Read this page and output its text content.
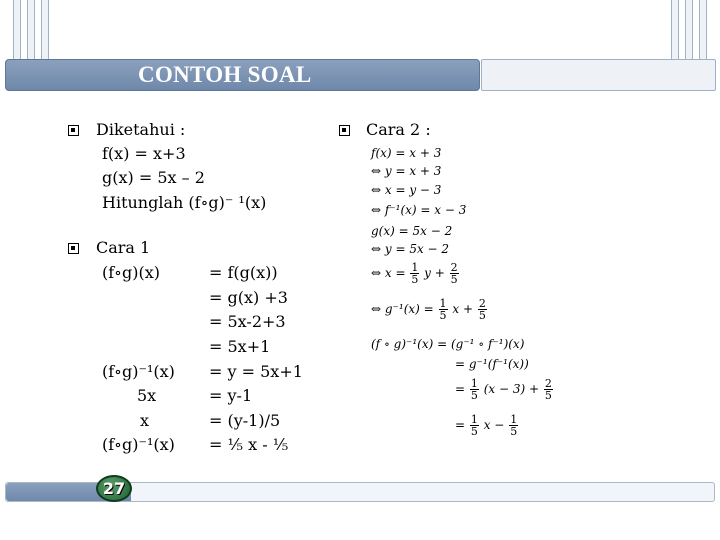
CONTOH SOAL
27
Diketahui :
f(x) = x+3
g(x) = 5x – 2
Hitunglah (f∘g)⁻ ¹(x)
Cara 1
(f∘g)(x)	= f(g(x))
= g(x) +3
= 5x-2+3
= 5x+1
(f∘g)⁻¹(x) = y = 5x+1
5x	= y-1
x	= (y-1)/5
(f∘g)⁻¹(x) = ⅕ x - ⅕
Cara 2 :
f(x) = x + 3
⇔ y = x + 3
⇔ x = y − 3
⇔ f⁻¹(x) = x − 3
g(x) = 5x − 2
⇔ y = 5x − 2
⇔ $x = \frac{1}{5}$ $y + \frac{2}{5}$
⇔ $g^{-1}(x) = \frac{1}{5}$ $x + \frac{2}{5}$
(f ∘ g)⁻¹(x) = (g⁻¹ ∘ f⁻¹)(x)
= g⁻¹(f⁻¹(x))
= $\frac{1}{5} (x - 3) + \frac{2}{5}$
= $\frac{1}{5}$ $x - \frac{1}{5}$
